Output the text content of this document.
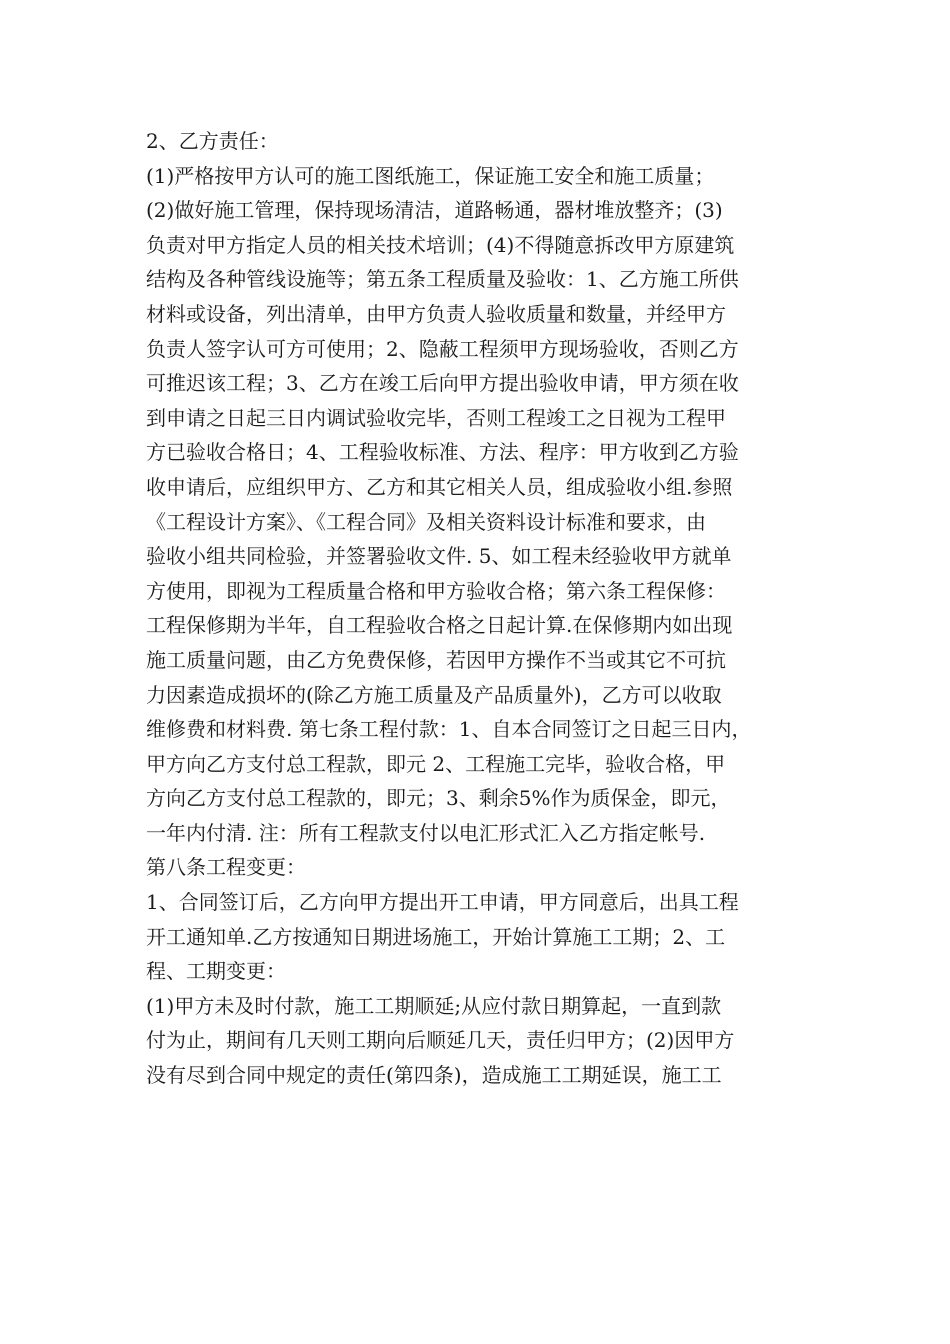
2、乙方责任：
(1)严格按甲方认可的施工图纸施工，保证施工安全和施工质量；
(2)做好施工管理，保持现场清洁，道路畅通，器材堆放整齐；(3)
负责对甲方指定人员的相关技术培训；(4)不得随意拆改甲方原建筑
结构及各种管线设施等；第五条工程质量及验收：1、乙方施工所供
材料或设备，列出清单，由甲方负责人验收质量和数量，并经甲方
负责人签字认可方可使用；2、隐蔽工程须甲方现场验收，否则乙方
可推迟该工程；3、乙方在竣工后向甲方提出验收申请，甲方须在收
到申请之日起三日内调试验收完毕，否则工程竣工之日视为工程甲
方已验收合格日；4、工程验收标准、方法、程序：甲方收到乙方验
收申请后，应组织甲方、乙方和其它相关人员，组成验收小组.参照
《工程设计方案》、《工程合同》及相关资料设计标准和要求，由
验收小组共同检验，并签署验收文件. 5、如工程未经验收甲方就单
方使用，即视为工程质量合格和甲方验收合格；第六条工程保修：
工程保修期为半年，自工程验收合格之日起计算.在保修期内如出现
施工质量问题，由乙方免费保修，若因甲方操作不当或其它不可抗
力因素造成损坏的(除乙方施工质量及产品质量外)，乙方可以收取
维修费和材料费. 第七条工程付款：1、自本合同签订之日起三日内，
甲方向乙方支付总工程款，即元 2、工程施工完毕，验收合格，甲
方向乙方支付总工程款的，即元；3、剩余5%作为质保金，即元，
一年内付清. 注：所有工程款支付以电汇形式汇入乙方指定帐号.
第八条工程变更：
1、合同签订后，乙方向甲方提出开工申请，甲方同意后，出具工程
开工通知单.乙方按通知日期进场施工，开始计算施工工期；2、工
程、工期变更：
(1)甲方未及时付款，施工工期顺延;从应付款日期算起，一直到款
付为止，期间有几天则工期向后顺延几天，责任归甲方；(2)因甲方
没有尽到合同中规定的责任(第四条)，造成施工工期延误，施工工
